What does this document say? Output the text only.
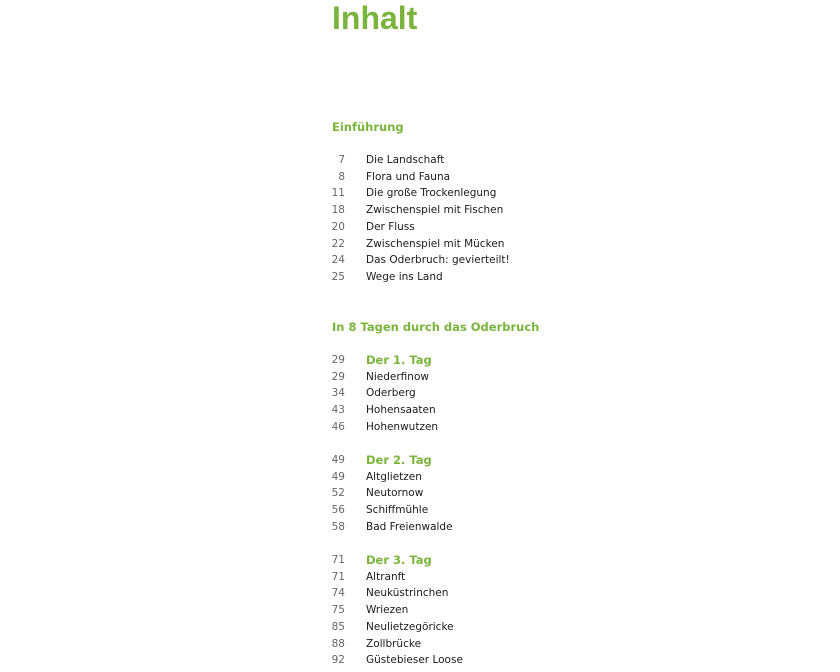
Inhalt
Einführung
7 Die Landschaft
8 Flora und Fauna
11 Die große Trockenlegung
18 Zwischenspiel mit Fischen
20 Der Fluss
22 Zwischenspiel mit Mücken
24 Das Oderbruch: gevierteilt!
25 Wege ins Land
In 8 Tagen durch das Oderbruch
29 Der 1. Tag
29 Niederfinow
34 Oderberg
43 Hohensaaten
46 Hohenwutzen
49 Der 2. Tag
49 Altglietzen
52 Neutornow
56 Schiffmühle
58 Bad Freienwalde
71 Der 3. Tag
71 Altranft
74 Neuküstrinchen
75 Wriezen
85 Neulietzegöricke
88 Zollbrücke
92 Güstebieser Loose
